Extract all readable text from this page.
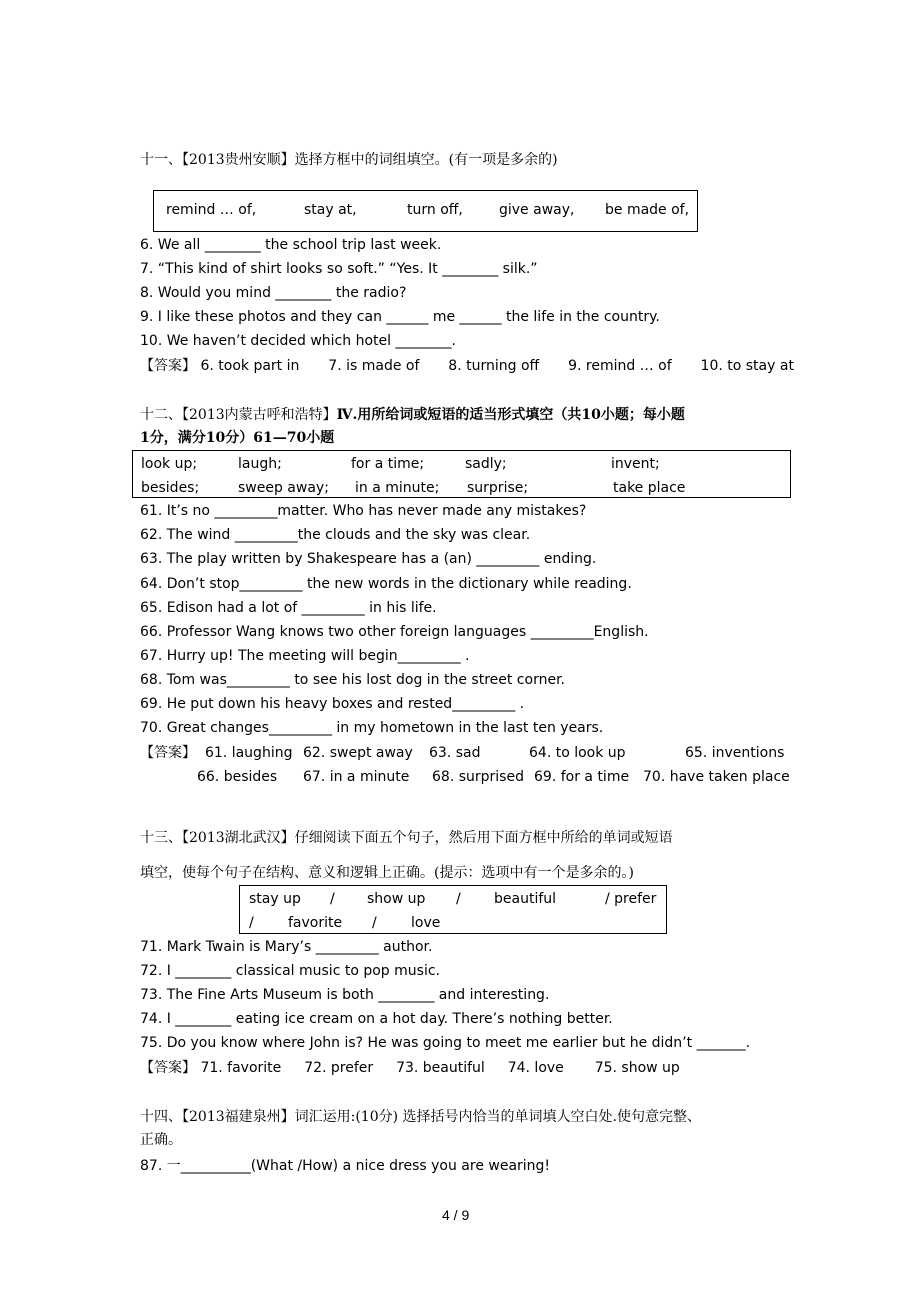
十一、【2013贵州安顺】选择方框中的词组填空。(有一项是多余的)
remind … of,	stay at,	turn off,	give away, be made of,
6. We all ________ the school trip last week.
7. “This kind of shirt looks so soft.” “Yes. It ________ silk.”
8. Would you mind ________ the radio?
9. I like these photos and they can ______ me ______ the life in the country.
10. We haven’t decided which hotel ________.
【答案】 6. took part in 7. is made of 8. turning off 9. remind … of 10. to stay at
十二、【2013内蒙古呼和浩特】Ⅳ.用所给词或短语的适当形式填空（共10小题；每小题
1分，满分10分）61—70小题
look up;	laugh;	for a time;	sadly;	invent;
besides;	sweep away; in a minute; surprise;	take place
61. It’s no _________matter. Who has never made any mistakes?
62. The wind _________the clouds and the sky was clear.
63. The play written by Shakespeare has a (an) _________ ending.
64. Don’t stop_________ the new words in the dictionary while reading.
65. Edison had a lot of _________ in his life.
66. Professor Wang knows two other foreign languages _________English.
67. Hurry up! The meeting will begin_________ .
68. Tom was_________ to see his lost dog in the street corner.
69. He put down his heavy boxes and rested_________ .
70. Great changes_________ in my hometown in the last ten years.
【答案】 61. laughing 62. swept away 63. sad	64. to look up	65. inventions
66. besides 67. in a minute 68. surprised 69. for a time 70. have taken place
十三、【2013湖北武汉】仔细阅读下面五个句子，然后用下面方框中所给的单词或短语
填空，使每个句子在结构、意义和逻辑上正确。(提示：选项中有一个是多余的。)
stay up / show up / beautiful	/ prefer
/ favorite / love
71. Mark Twain is Mary’s _________ author.
72. I ________ classical music to pop music.
73. The Fine Arts Museum is both ________ and interesting.
74. I ________ eating ice cream on a hot day. There’s nothing better.
75. Do you know where John is? He was going to meet me earlier but he didn’t _______.
【答案】 71. favorite 72. prefer 73. beautiful 74. love 75. show up
十四、【2013福建泉州】词汇运用:(10分) 选择括号内恰当的单词填人空白处.使句意完整、
正确。
87. 一__________(What /How) a nice dress you are wearing!
4 / 9
